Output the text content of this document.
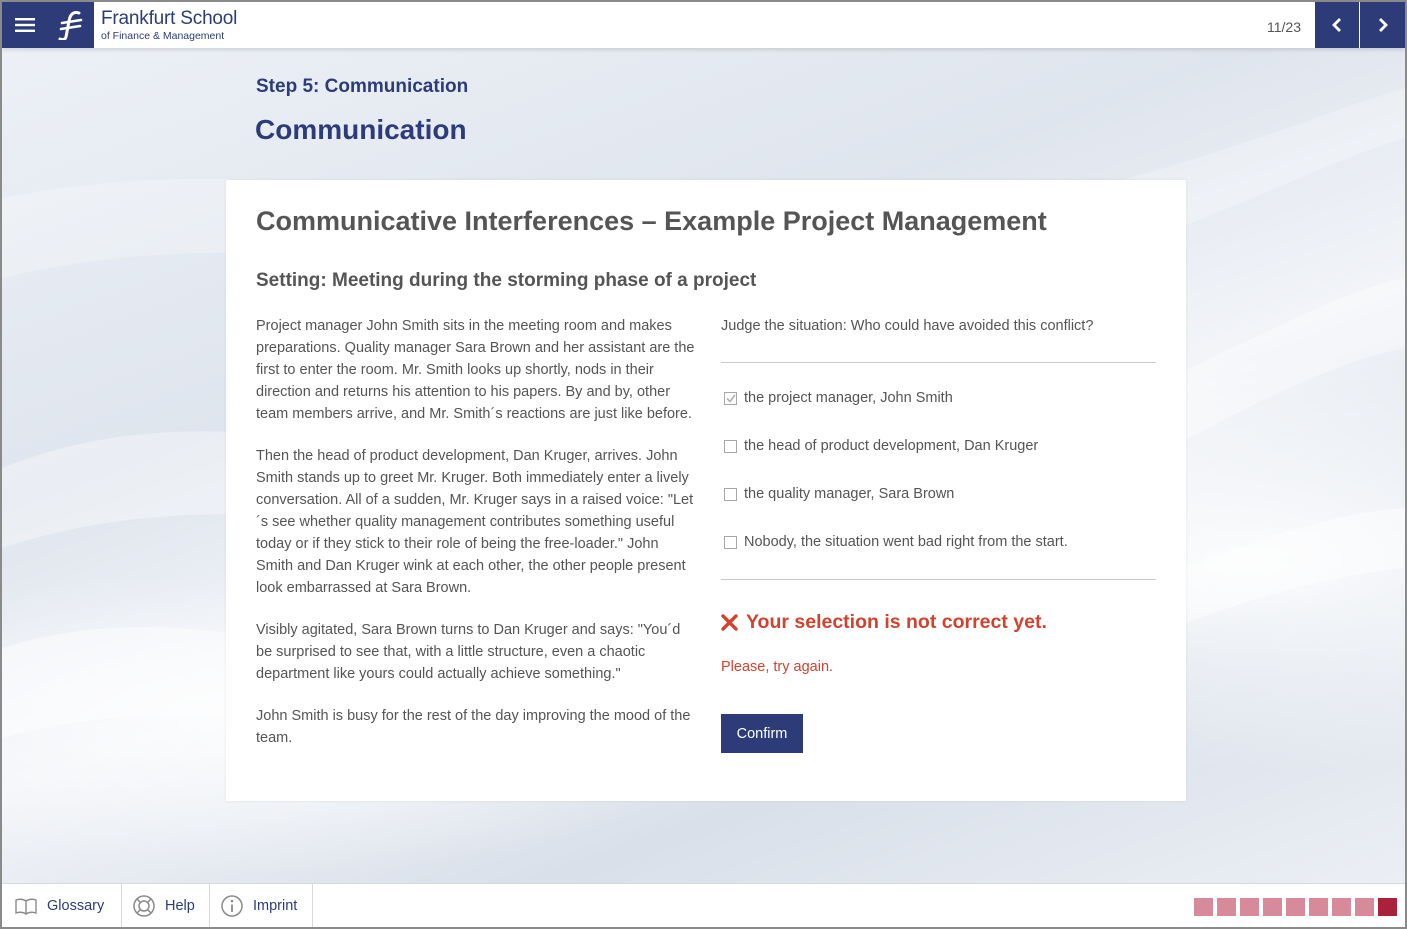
Frankfurt School
of Finance & Management
11/23
Step 5: Communication
Communication
Communicative Interferences – Example Project Management
Setting: Meeting during the storming phase of a project

Project manager John Smith sits in the meeting room and makes preparations. Quality manager Sara Brown and her assistant are the first to enter the room. Mr. Smith looks up shortly, nods in their direction and returns his attention to his papers. By and by, other team members arrive, and Mr. Smith´s reactions are just like before.

Then the head of product development, Dan Kruger, arrives. John Smith stands up to greet Mr. Kruger. Both immediately enter a lively conversation. All of a sudden, Mr. Kruger says in a raised voice: "Let´s see whether quality management contributes something useful today or if they stick to their role of being the free-loader." John Smith and Dan Kruger wink at each other, the other people present look embarrassed at Sara Brown.

Visibly agitated, Sara Brown turns to Dan Kruger and says: "You´d be surprised to see that, with a little structure, even a chaotic department like yours could actually achieve something."

John Smith is busy for the rest of the day improving the mood of the team.

Judge the situation: Who could have avoided this conflict?
the project manager, John Smith
the head of product development, Dan Kruger
the quality manager, Sara Brown
Nobody, the situation went bad right from the start.
Your selection is not correct yet.
Please, try again.
Confirm
Glossary	Help	Imprint
